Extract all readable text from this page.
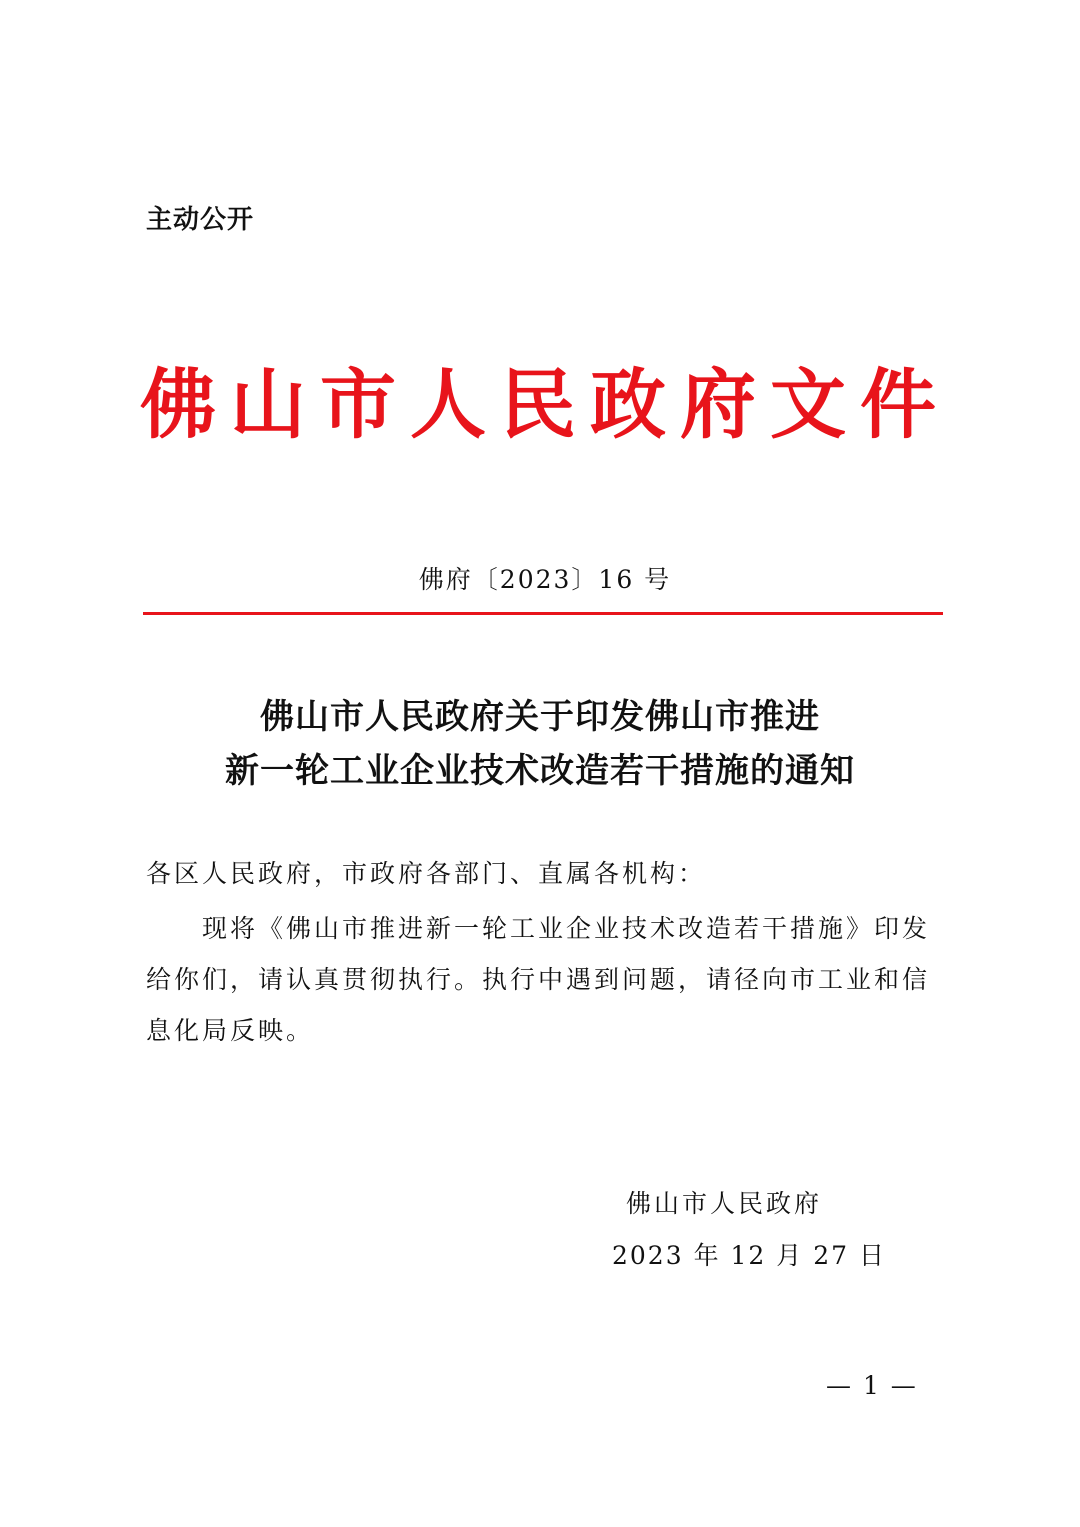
主动公开
佛山市人民政府文件
佛府〔2023〕16 号
佛山市人民政府关于印发佛山市推进
新一轮工业企业技术改造若干措施的通知
各区人民政府，市政府各部门、直属各机构：
现将《佛山市推进新一轮工业企业技术改造若干措施》印发
给你们，请认真贯彻执行。执行中遇到问题，请径向市工业和信
息化局反映。
佛山市人民政府
2023 年 12 月 27 日
— 1 —
